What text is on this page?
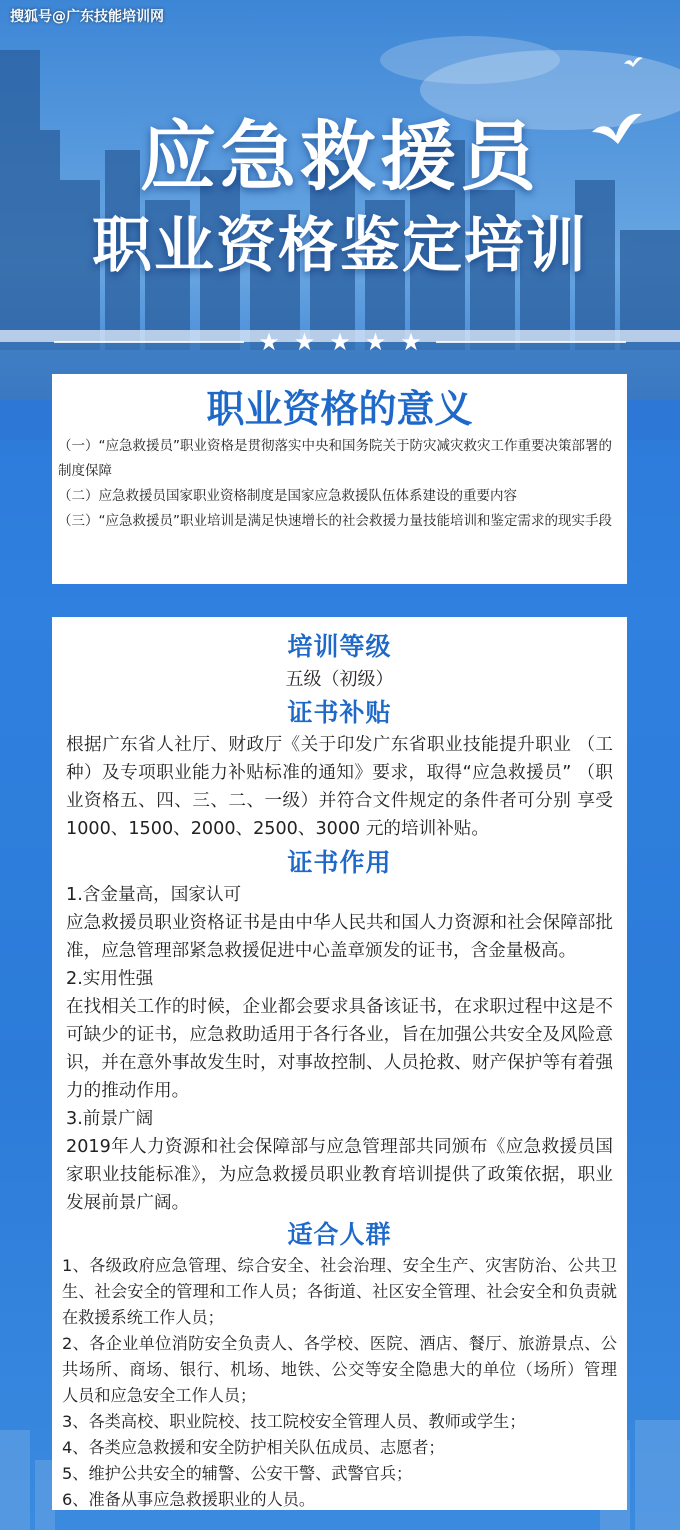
搜狐号@广东技能培训网
应急救援员
职业资格鉴定培训
★ ★ ★ ★ ★
职业资格的意义
（一）“应急救援员”职业资格是贯彻落实中央和国务院关于防灾减灾救灾工作重要决策部署的制度保障
（二）应急救援员国家职业资格制度是国家应急救援队伍体系建设的重要内容
（三）“应急救援员”职业培训是满足快速增长的社会救援力量技能培训和鉴定需求的现实手段
培训等级
五级（初级）
证书补贴
根据广东省人社厅、财政厅《关于印发广东省职业技能提升职业 （工种）及专项职业能力补贴标准的通知》要求，取得“应急救援员” （职业资格五、四、三、二、一级）并符合文件规定的条件者可分别 享受 1000、1500、2000、2500、3000 元的培训补贴。
证书作用
1.含金量高，国家认可
应急救援员职业资格证书是由中华人民共和国人力资源和社会保障部批准，应急管理部紧急救援促进中心盖章颁发的证书，含金量极高。
2.实用性强
在找相关工作的时候，企业都会要求具备该证书，在求职过程中这是不可缺少的证书，应急救助适用于各行各业，旨在加强公共安全及风险意识，并在意外事故发生时，对事故控制、人员抢救、财产保护等有着强力的推动作用。
3.前景广阔
2019年人力资源和社会保障部与应急管理部共同颁布《应急救援员国家职业技能标准》，为应急救援员职业教育培训提供了政策依据，职业发展前景广阔。
适合人群
1、各级政府应急管理、综合安全、社会治理、安全生产、灾害防治、公共卫生、社会安全的管理和工作人员；各街道、社区安全管理、社会安全和负责就在救援系统工作人员；
2、各企业单位消防安全负责人、各学校、医院、酒店、餐厅、旅游景点、公共场所、商场、银行、机场、地铁、公交等安全隐患大的单位（场所）管理 人员和应急安全工作人员；
3、各类高校、职业院校、技工院校安全管理人员、教师或学生；
4、各类应急救援和安全防护相关队伍成员、志愿者；
5、维护公共安全的辅警、公安干警、武警官兵；
6、准备从事应急救援职业的人员。
